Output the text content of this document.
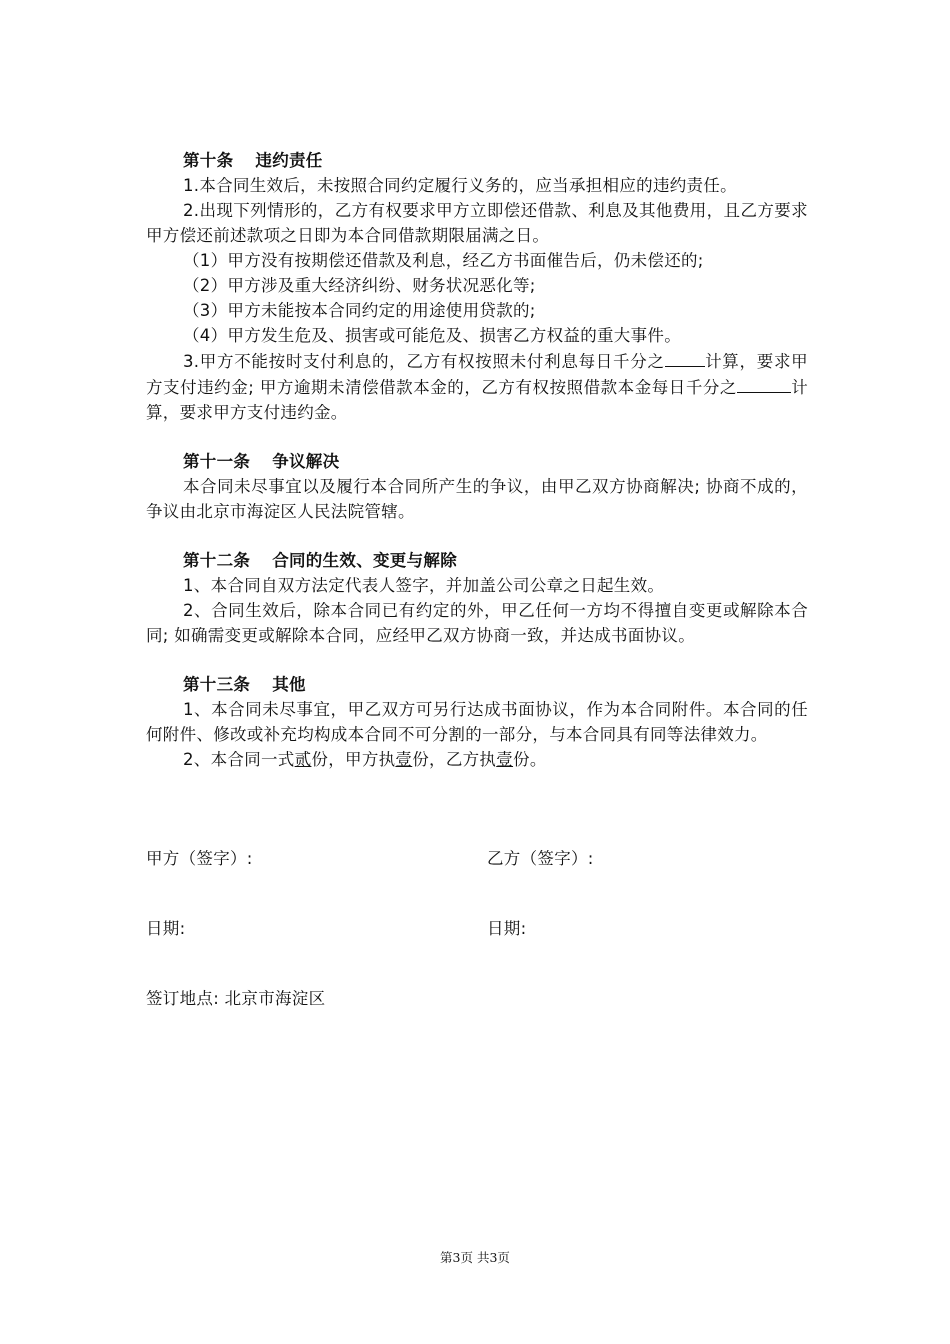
第十条 违约责任

1.本合同生效后，未按照合同约定履行义务的，应当承担相应的违约责任。

2.出现下列情形的，乙方有权要求甲方立即偿还借款、利息及其他费用，且乙方要求甲方偿还前述款项之日即为本合同借款期限届满之日。

（1）甲方没有按期偿还借款及利息，经乙方书面催告后，仍未偿还的;

（2）甲方涉及重大经济纠纷、财务状况恶化等;

（3）甲方未能按本合同约定的用途使用贷款的;

（4）甲方发生危及、损害或可能危及、损害乙方权益的重大事件。

3.甲方不能按时支付利息的，乙方有权按照未付利息每日千分之 计算，要求甲方支付违约金; 甲方逾期未清偿借款本金的，乙方有权按照借款本金每日千分之	计算，要求甲方支付违约金。

第十一条 争议解决

本合同未尽事宜以及履行本合同所产生的争议，由甲乙双方协商解决; 协商不成的，争议由北京市海淀区人民法院管辖。

第十二条 合同的生效、变更与解除

1、本合同自双方法定代表人签字，并加盖公司公章之日起生效。

2、合同生效后，除本合同已有约定的外，甲乙任何一方均不得擅自变更或解除本合同; 如确需变更或解除本合同，应经甲乙双方协商一致，并达成书面协议。

第十三条 其他

1、本合同未尽事宜，甲乙双方可另行达成书面协议，作为本合同附件。本合同的任何附件、修改或补充均构成本合同不可分割的一部分，与本合同具有同等法律效力。

2、本合同一式贰份，甲方执壹份，乙方执壹份。

甲方（签字）:	乙方（签字）:
日期:	日期:
签订地点: 北京市海淀区
第3页 共3页
